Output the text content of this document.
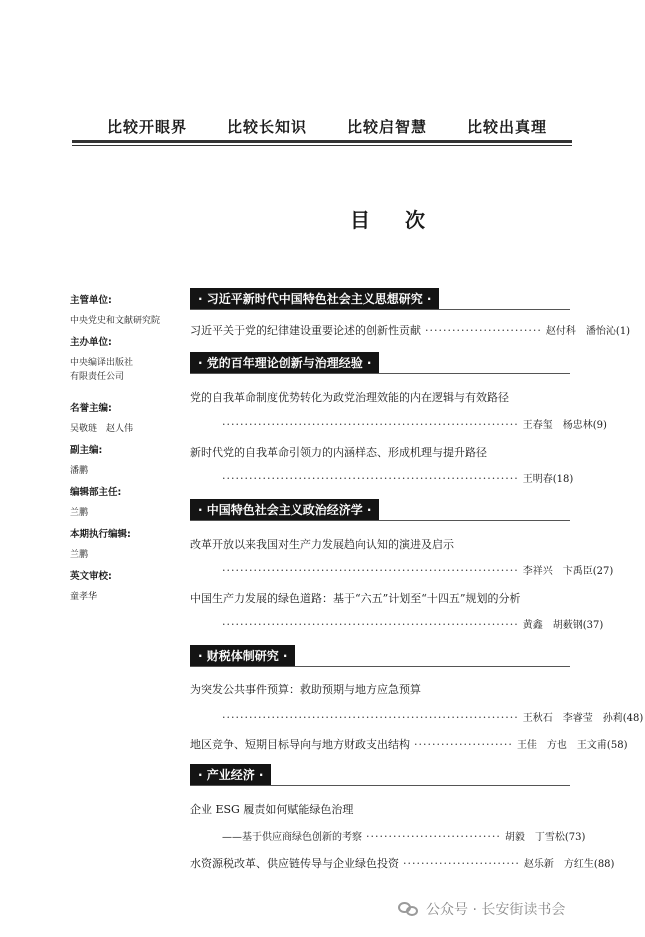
比较开眼界	比较长知识	比较启智慧	比较出真理
目 次
主管单位:
中央党史和文献研究院
主办单位:
中央编译出版社
有限责任公司
名誉主编:
吴敬琏　赵人伟
副主编:
潘鹏
编辑部主任:
兰鹏
本期执行编辑:
兰鹏
英文审校:
童孝华
· 习近平新时代中国特色社会主义思想研究 ·
习近平关于党的纪律建设重要论述的创新性贡献 ·························· 赵付科　潘怡沁(1)
· 党的百年理论创新与治理经验 ·
党的自我革命制度优势转化为政党治理效能的内在逻辑与有效路径
·································································· 王春玺　杨忠林(9)
新时代党的自我革命引领力的内涵样态、形成机理与提升路径
·································································· 王明春(18)
· 中国特色社会主义政治经济学 ·
改革开放以来我国对生产力发展趋向认知的演进及启示
·································································· 李祥兴　卞禹臣(27)
中国生产力发展的绿色道路：基于“六五”计划至“十四五”规划的分析
·································································· 黄鑫　胡薮钢(37)
· 财税体制研究 ·
为突发公共事件预算：救助预期与地方应急预算
·································································· 王秋石　李睿莹　孙莉(48)
地区竞争、短期目标导向与地方财政支出结构 ······················ 王佳　方也　王文甫(58)
· 产业经济 ·
企业 ESG 履责如何赋能绿色治理
——基于供应商绿色创新的考察 ······························ 胡毅　丁雪松(73)
水资源税改革、供应链传导与企业绿色投资 ·························· 赵乐新　方红生(88)
公众号 · 长安街读书会
